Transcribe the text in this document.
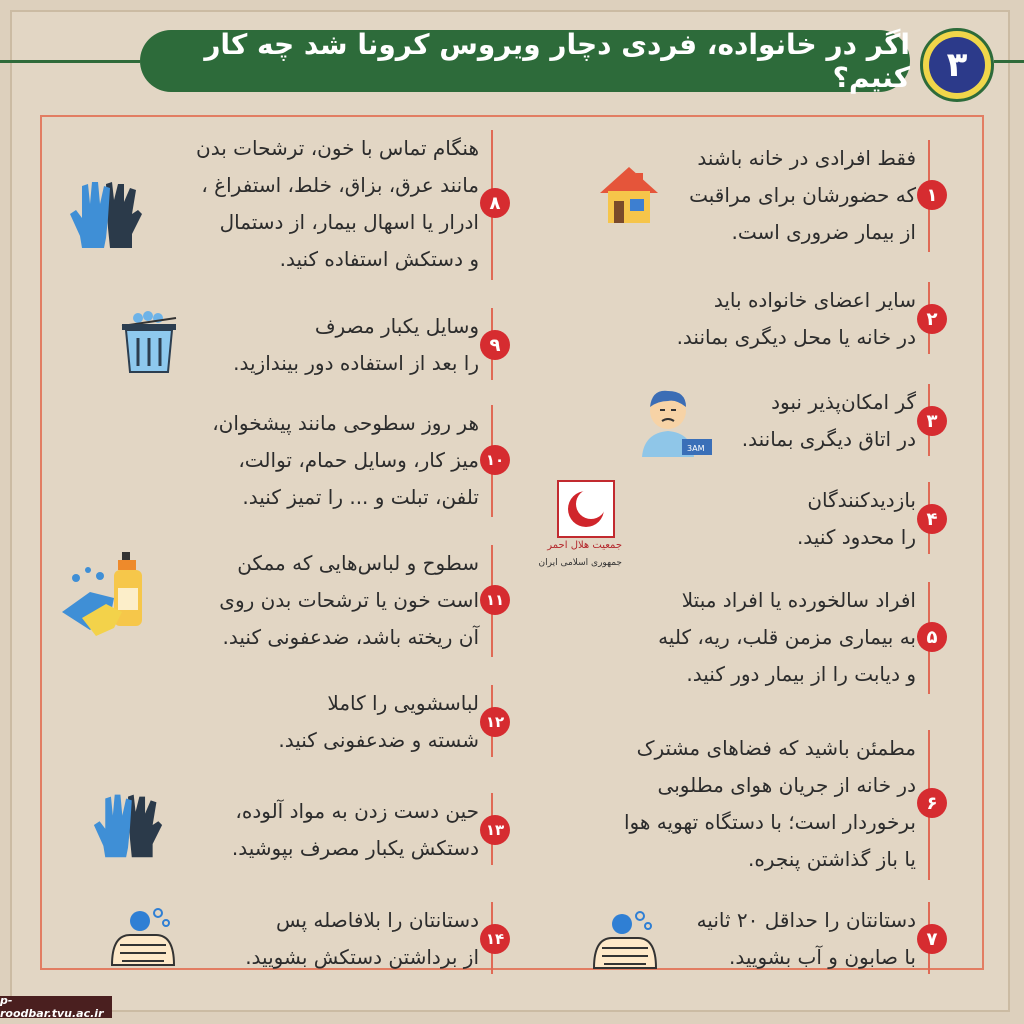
اگر در خانواده، فردی دچار ویروس کرونا شد چه کار کنیم؟	۳
۱
فقط افرادی در خانه باشند
که حضورشان برای مراقبت
از بیمار ضروری است.
۲
سایر اعضای خانواده باید
در خانه یا محل دیگری بمانند.
۳
گر امکان‌پذیر نبود
در اتاق دیگری بمانند.
3AM
۴
بازدیدکنندگان
را محدود کنید.
جمعیت هلال احمر
جمهوری اسلامی ایران
۵
افراد سالخورده یا افراد مبتلا
به بیماری مزمن قلب، ریه، کلیه
و دیابت را از بیمار دور کنید.
۶
مطمئن باشید که فضاهای مشترک
در خانه از جریان هوای مطلوبی
برخوردار است؛ با دستگاه تهویه هوا
یا باز گذاشتن پنجره.
۷
دستانتان را حداقل ۲۰ ثانیه
با صابون و آب بشویید.
۸
هنگام تماس با خون، ترشحات بدن
مانند عرق، بزاق، خلط، استفراغ ،
ادرار یا اسهال بیمار، از دستمال
و دستکش استفاده کنید.
۹
وسایل یکبار مصرف
را بعد از استفاده دور بیندازید.
۱۰
هر روز سطوحی مانند پیشخوان،
میز کار، وسایل حمام، توالت،
تلفن، تبلت و ... را تمیز کنید.
۱۱
سطوح و لباس‌هایی که ممکن
است خون یا ترشحات بدن روی
آن ریخته باشد، ضدعفونی کنید.
۱۲
لباسشویی را کاملا
شسته و ضدعفونی کنید.
۱۳
حین دست زدن به مواد آلوده،
دستکش یکبار مصرف بپوشید.
۱۴
دستانتان را بلافاصله پس
از برداشتن دستکش بشویید.
p-roodbar.tvu.ac.ir
